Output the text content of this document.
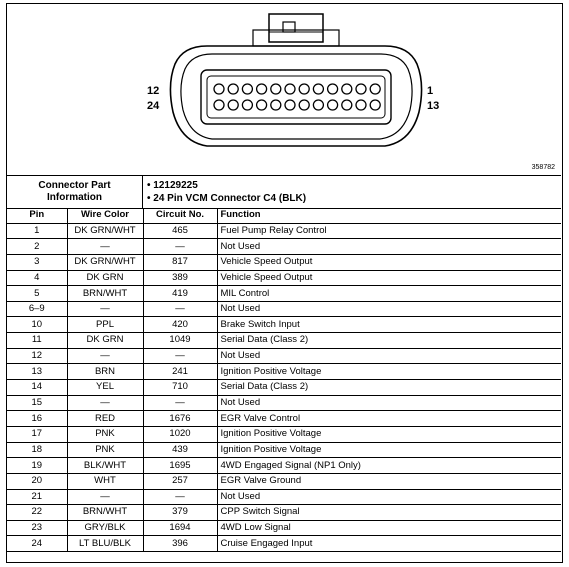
12
24
1
13
358782
Connector Part
Information
• 12129225
• 24 Pin VCM Connector C4 (BLK)
Pin	Wire Color	Circuit No.	Function
1	DK GRN/WHT	465	Fuel Pump Relay Control
2	—	—	Not Used
3	DK GRN/WHT	817	Vehicle Speed Output
4	DK GRN	389	Vehicle Speed Output
5	BRN/WHT	419	MIL Control
6–9	—	—	Not Used
10	PPL	420	Brake Switch Input
11	DK GRN	1049	Serial Data (Class 2)
12	—	—	Not Used
13	BRN	241	Ignition Positive Voltage
14	YEL	710	Serial Data (Class 2)
15	—	—	Not Used
16	RED	1676	EGR Valve Control
17	PNK	1020	Ignition Positive Voltage
18	PNK	439	Ignition Positive Voltage
19	BLK/WHT	1695	4WD Engaged Signal (NP1 Only)
20	WHT	257	EGR Valve Ground
21	—	—	Not Used
22	BRN/WHT	379	CPP Switch Signal
23	GRY/BLK	1694	4WD Low Signal
24	LT BLU/BLK	396	Cruise Engaged Input
